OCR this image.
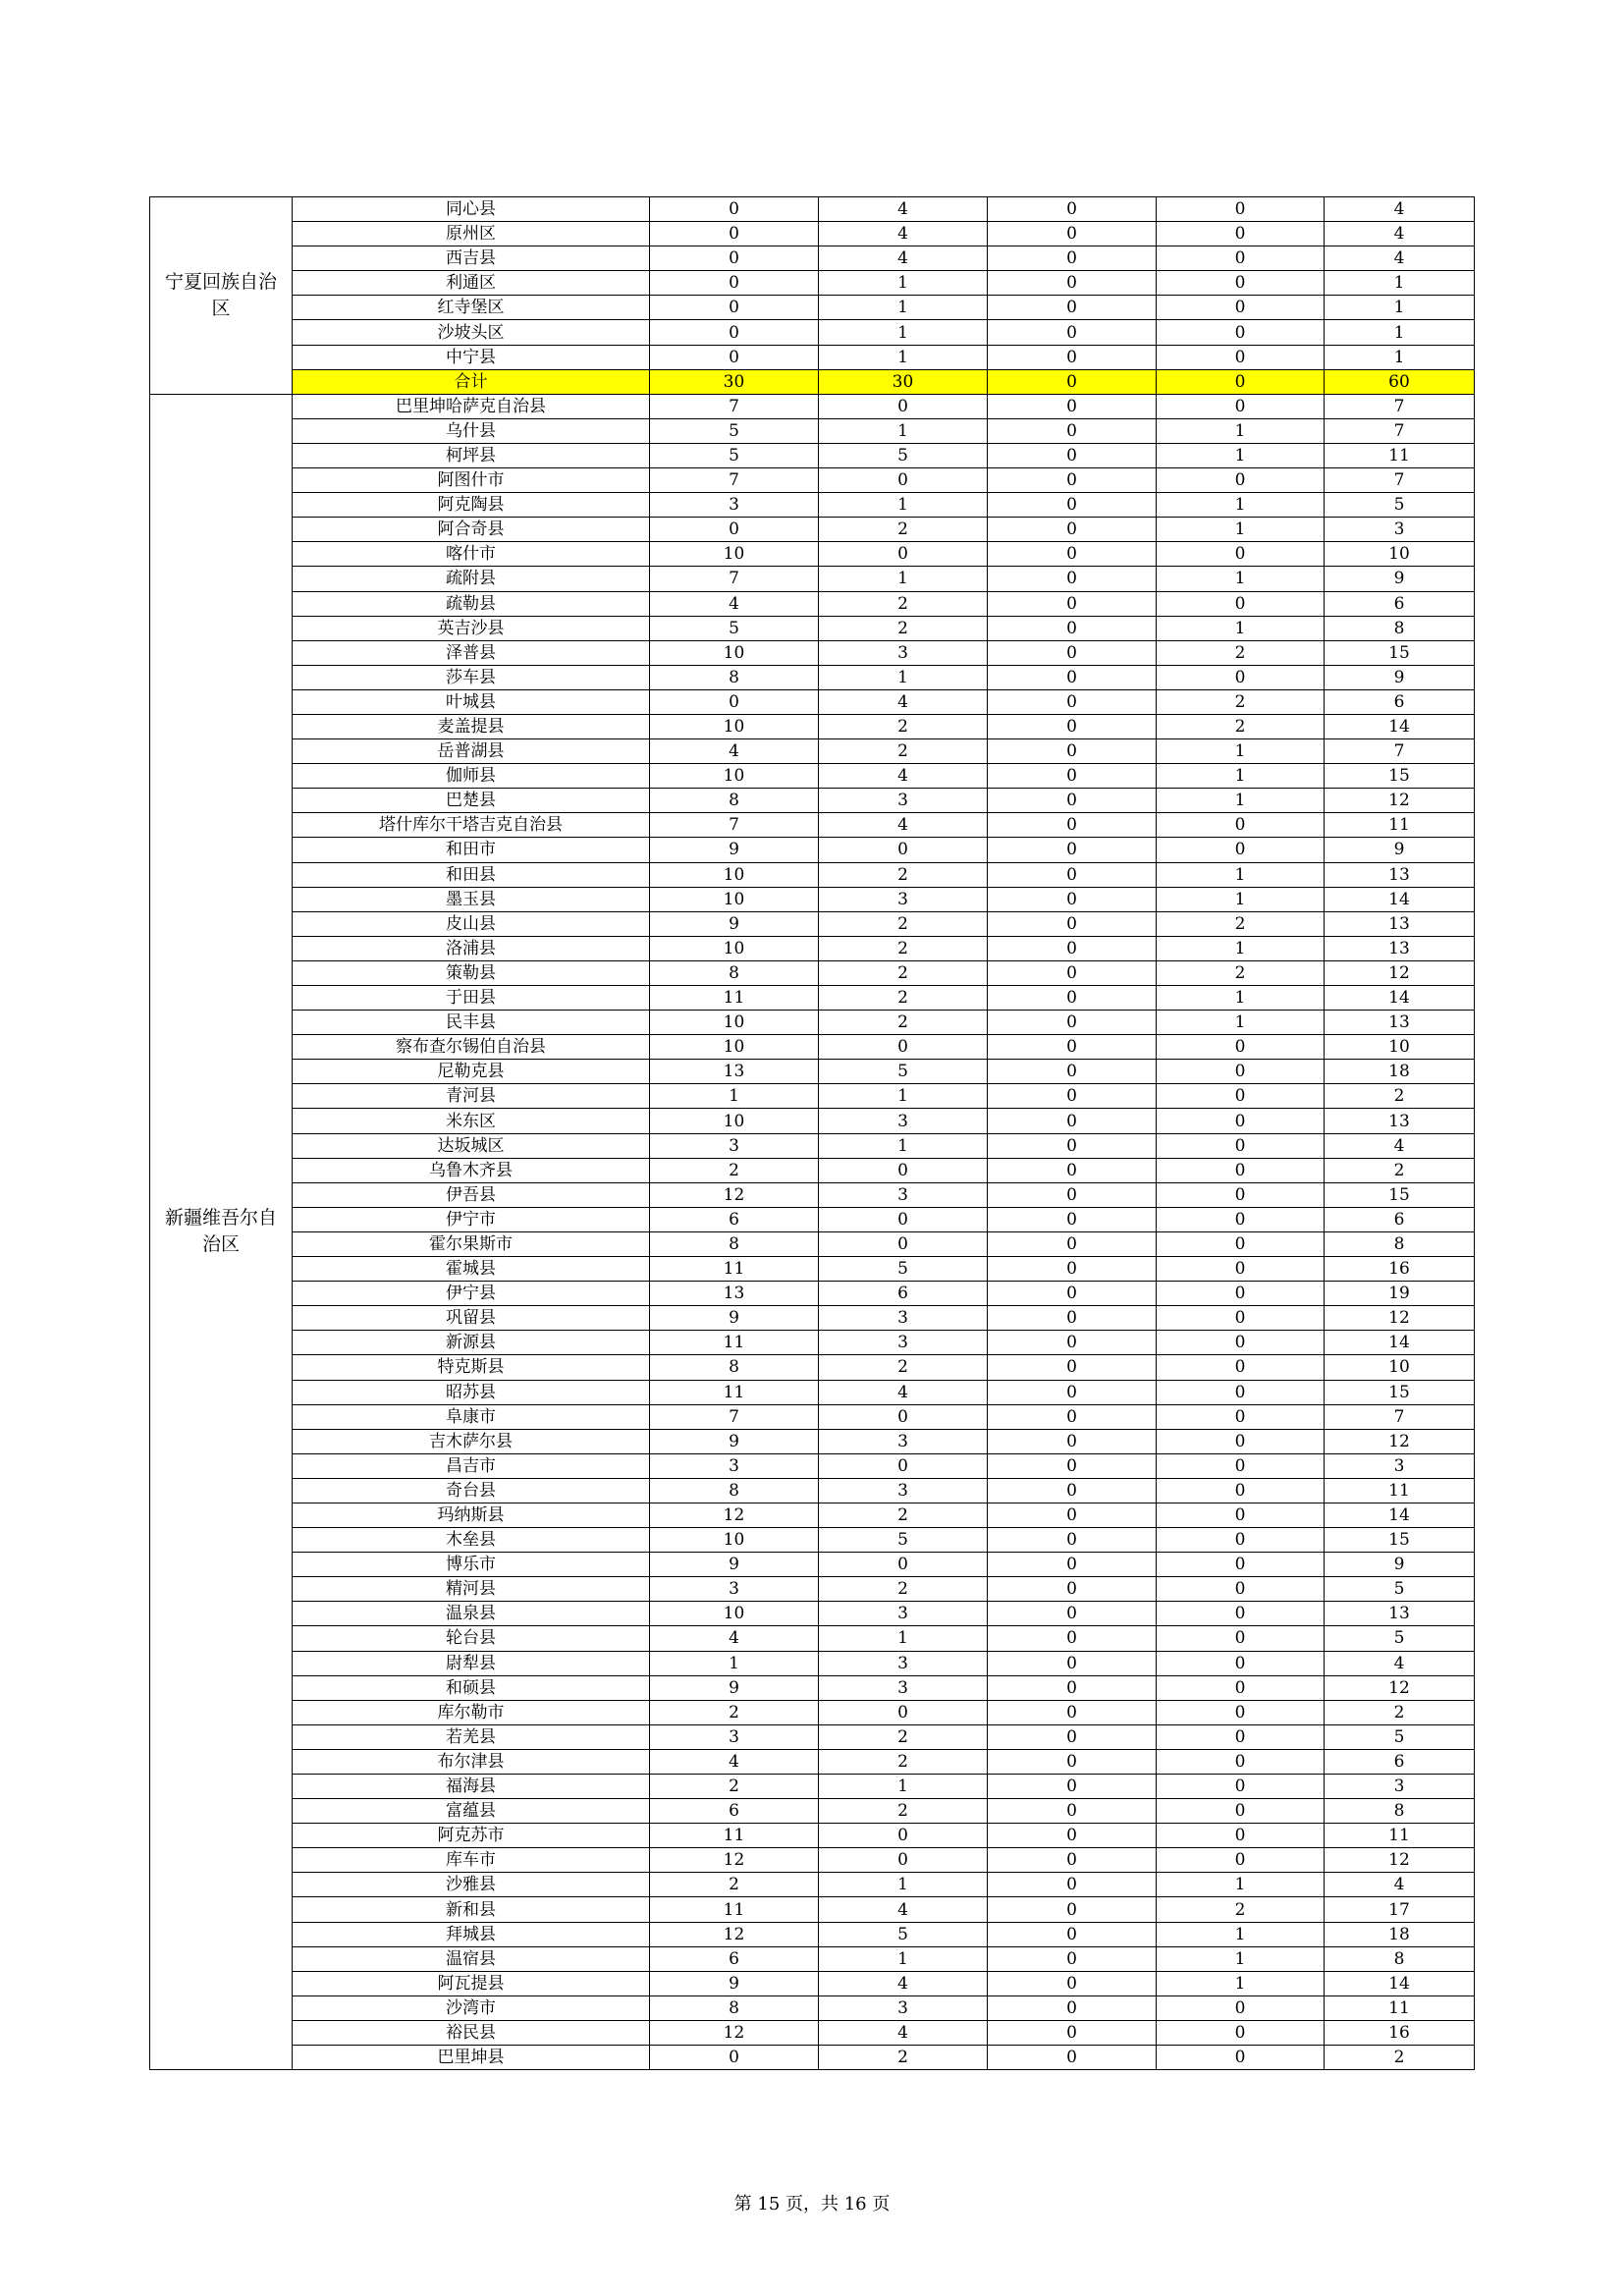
宁夏回族自治区	同心县	0	4	0	0	4
	原州区	0	4	0	0	4
	西吉县	0	4	0	0	4
	利通区	0	1	0	0	1
	红寺堡区	0	1	0	0	1
	沙坡头区	0	1	0	0	1
	中宁县	0	1	0	0	1
	合计	30	30	0	0	60
新疆维吾尔自治区	巴里坤哈萨克自治县	7	0	0	0	7
	乌什县	5	1	0	1	7
	柯坪县	5	5	0	1	11
	阿图什市	7	0	0	0	7
	阿克陶县	3	1	0	1	5
	阿合奇县	0	2	0	1	3
	喀什市	10	0	0	0	10
	疏附县	7	1	0	1	9
	疏勒县	4	2	0	0	6
	英吉沙县	5	2	0	1	8
	泽普县	10	3	0	2	15
	莎车县	8	1	0	0	9
	叶城县	0	4	0	2	6
	麦盖提县	10	2	0	2	14
	岳普湖县	4	2	0	1	7
	伽师县	10	4	0	1	15
	巴楚县	8	3	0	1	12
	塔什库尔干塔吉克自治县	7	4	0	0	11
	和田市	9	0	0	0	9
	和田县	10	2	0	1	13
	墨玉县	10	3	0	1	14
	皮山县	9	2	0	2	13
	洛浦县	10	2	0	1	13
	策勒县	8	2	0	2	12
	于田县	11	2	0	1	14
	民丰县	10	2	0	1	13
	察布查尔锡伯自治县	10	0	0	0	10
	尼勒克县	13	5	0	0	18
	青河县	1	1	0	0	2
	米东区	10	3	0	0	13
	达坂城区	3	1	0	0	4
	乌鲁木齐县	2	0	0	0	2
	伊吾县	12	3	0	0	15
	伊宁市	6	0	0	0	6
	霍尔果斯市	8	0	0	0	8
	霍城县	11	5	0	0	16
	伊宁县	13	6	0	0	19
	巩留县	9	3	0	0	12
	新源县	11	3	0	0	14
	特克斯县	8	2	0	0	10
	昭苏县	11	4	0	0	15
	阜康市	7	0	0	0	7
	吉木萨尔县	9	3	0	0	12
	昌吉市	3	0	0	0	3
	奇台县	8	3	0	0	11
	玛纳斯县	12	2	0	0	14
	木垒县	10	5	0	0	15
	博乐市	9	0	0	0	9
	精河县	3	2	0	0	5
	温泉县	10	3	0	0	13
	轮台县	4	1	0	0	5
	尉犁县	1	3	0	0	4
	和硕县	9	3	0	0	12
	库尔勒市	2	0	0	0	2
	若羌县	3	2	0	0	5
	布尔津县	4	2	0	0	6
	福海县	2	1	0	0	3
	富蕴县	6	2	0	0	8
	阿克苏市	11	0	0	0	11
	库车市	12	0	0	0	12
	沙雅县	2	1	0	1	4
	新和县	11	4	0	2	17
	拜城县	12	5	0	1	18
	温宿县	6	1	0	1	8
	阿瓦提县	9	4	0	1	14
	沙湾市	8	3	0	0	11
	裕民县	12	4	0	0	16
	巴里坤县	0	2	0	0	2
第 15 页，共 16 页
